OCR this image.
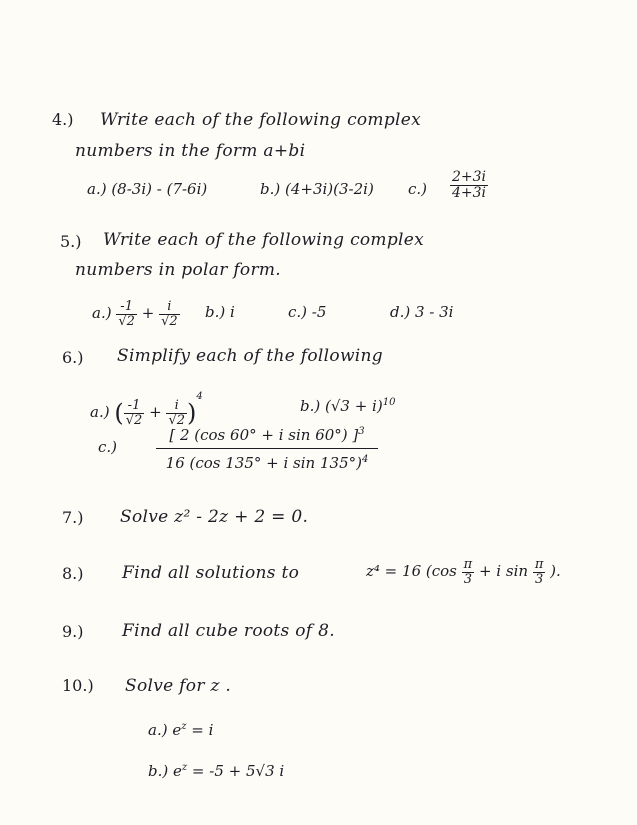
4.) Write each of the following complex
numbers in the form a+bi
a.) (8-3i) - (7-6i)	b.) (4+3i)(3-2i) $c.) \frac{2+3i}{4+3i}$
5.) Write each of the following complex
numbers in polar form.
$a.) \frac{-1}{√2} + \frac{i}{√2} b$.) i	c.) -5	d.) 3 - 3i
6.) Simplify each of the following
a.) ( $\frac{-1}{√2} + \frac{i}{√2} )^4$
b.) $(√3 + i)^{10}$
c.)	$\frac{[ 2 (\cos 60^\circ + i \sin 60^\circ) ]^3}{16 (\cos 135^\circ + i \sin 135^\circ)^4}$
7.) Solve z² - 2z + 2 = 0.
8.) Find all solutions to	z⁴ = 16 ($\cos \frac{\pi}{3} + i$ $\sin \frac{\pi}{3}$ ).
9.) Find all cube roots of 8.
10.) Solve for z .
a.) $e^z = i$
b.) $e^z = -5 + 5√3$ i
